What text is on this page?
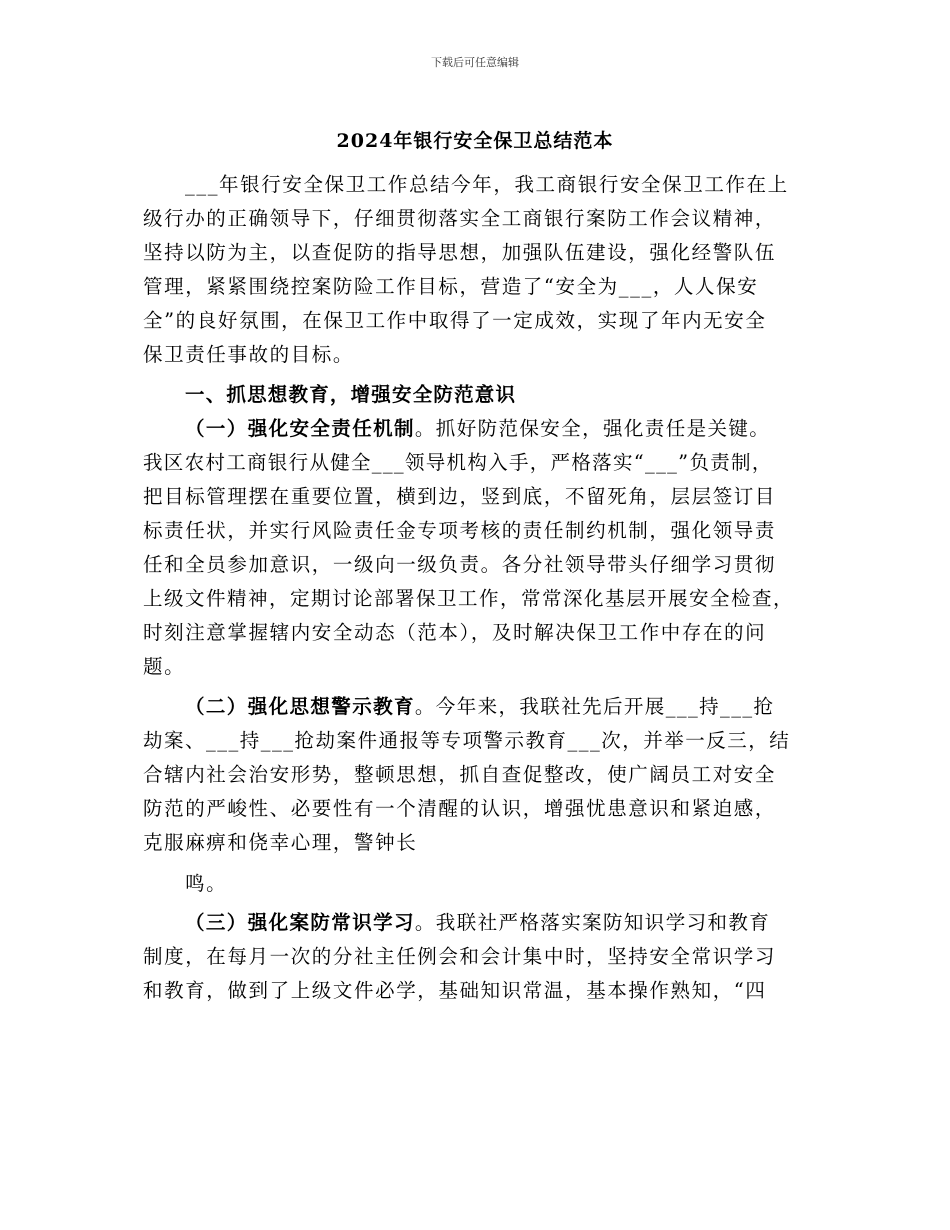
下载后可任意编辑
2024年银行安全保卫总结范本
___年银行安全保卫工作总结今年，我工商银行安全保卫工作在上
级行办的正确领导下，仔细贯彻落实全工商银行案防工作会议精神，
坚持以防为主，以查促防的指导思想，加强队伍建设，强化经警队伍
管理，紧紧围绕控案防险工作目标，营造了“安全为___，人人保安
全”的良好氛围，在保卫工作中取得了一定成效，实现了年内无安全
保卫责任事故的目标。
一、抓思想教育，增强安全防范意识
（一）强化安全责任机制。抓好防范保安全，强化责任是关键。
我区农村工商银行从健全___领导机构入手，严格落实“___”负责制，
把目标管理摆在重要位置，横到边，竖到底，不留死角，层层签订目
标责任状，并实行风险责任金专项考核的责任制约机制，强化领导责
任和全员参加意识，一级向一级负责。各分社领导带头仔细学习贯彻
上级文件精神，定期讨论部署保卫工作，常常深化基层开展安全检查，
时刻注意掌握辖内安全动态（范本），及时解决保卫工作中存在的问
题。
（二）强化思想警示教育。今年来，我联社先后开展___持___抢
劫案、___持___抢劫案件通报等专项警示教育___次，并举一反三，结
合辖内社会治安形势，整顿思想，抓自查促整改，使广阔员工对安全
防范的严峻性、必要性有一个清醒的认识，增强忧患意识和紧迫感，
克服麻痹和侥幸心理，警钟长
鸣。
（三）强化案防常识学习。我联社严格落实案防知识学习和教育
制度，在每月一次的分社主任例会和会计集中时，坚持安全常识学习
和教育，做到了上级文件必学，基础知识常温，基本操作熟知，“四
